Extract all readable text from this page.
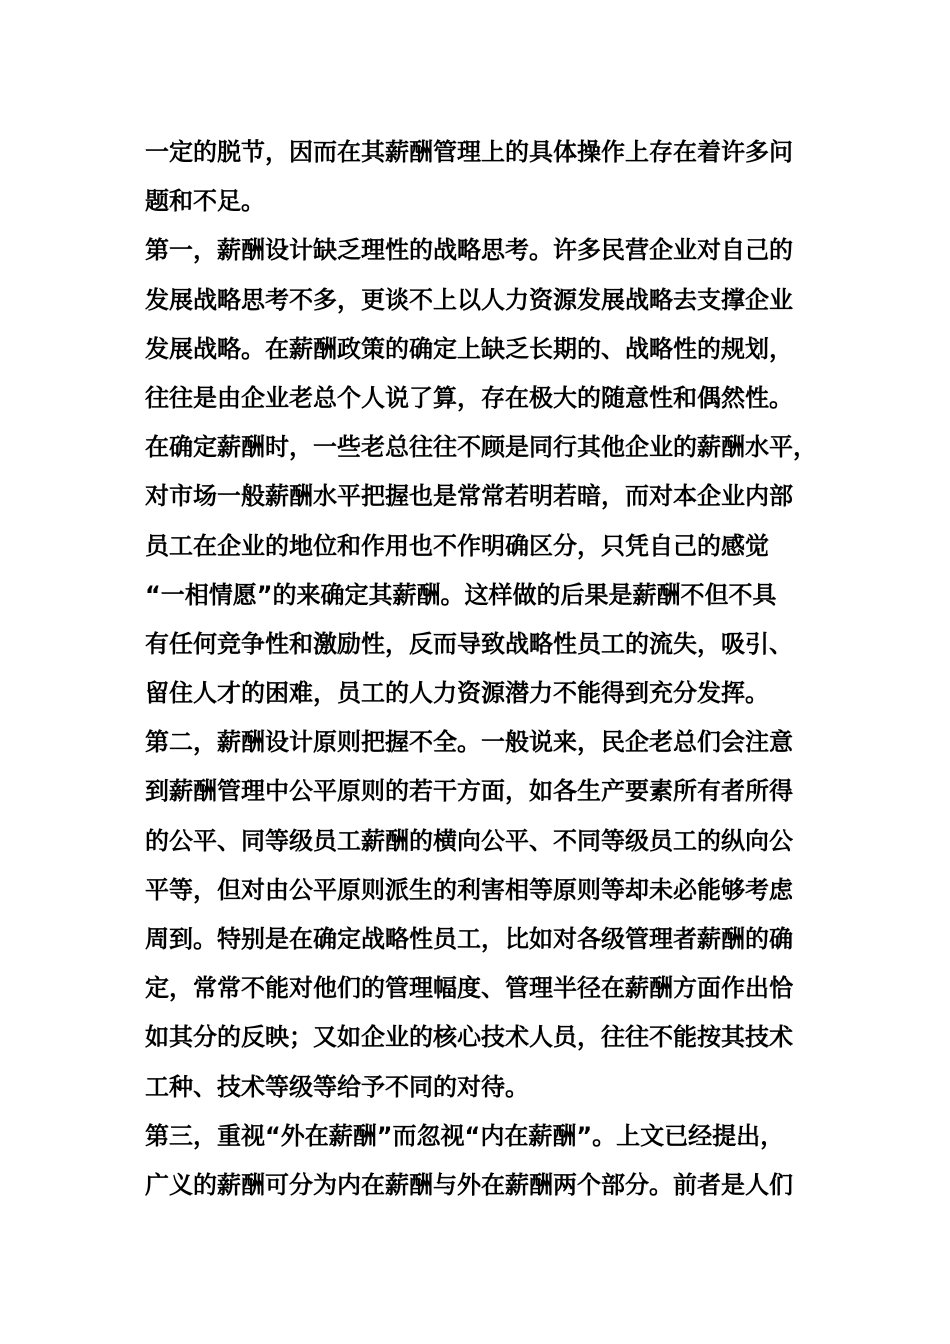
一定的脱节，因而在其薪酬管理上的具体操作上存在着许多问
题和不足。
第一，薪酬设计缺乏理性的战略思考。许多民营企业对自己的
发展战略思考不多，更谈不上以人力资源发展战略去支撑企业
发展战略。在薪酬政策的确定上缺乏长期的、战略性的规划，
往往是由企业老总个人说了算，存在极大的随意性和偶然性。
在确定薪酬时，一些老总往往不顾是同行其他企业的薪酬水平，
对市场一般薪酬水平把握也是常常若明若暗，而对本企业内部
员工在企业的地位和作用也不作明确区分，只凭自己的感觉
“一相情愿”的来确定其薪酬。这样做的后果是薪酬不但不具
有任何竞争性和激励性，反而导致战略性员工的流失，吸引、
留住人才的困难，员工的人力资源潜力不能得到充分发挥。
第二，薪酬设计原则把握不全。一般说来，民企老总们会注意
到薪酬管理中公平原则的若干方面，如各生产要素所有者所得
的公平、同等级员工薪酬的横向公平、不同等级员工的纵向公
平等，但对由公平原则派生的利害相等原则等却未必能够考虑
周到。特别是在确定战略性员工，比如对各级管理者薪酬的确
定，常常不能对他们的管理幅度、管理半径在薪酬方面作出恰
如其分的反映；又如企业的核心技术人员，往往不能按其技术
工种、技术等级等给予不同的对待。
第三，重视“外在薪酬”而忽视“内在薪酬”。上文已经提出，
广义的薪酬可分为内在薪酬与外在薪酬两个部分。前者是人们
